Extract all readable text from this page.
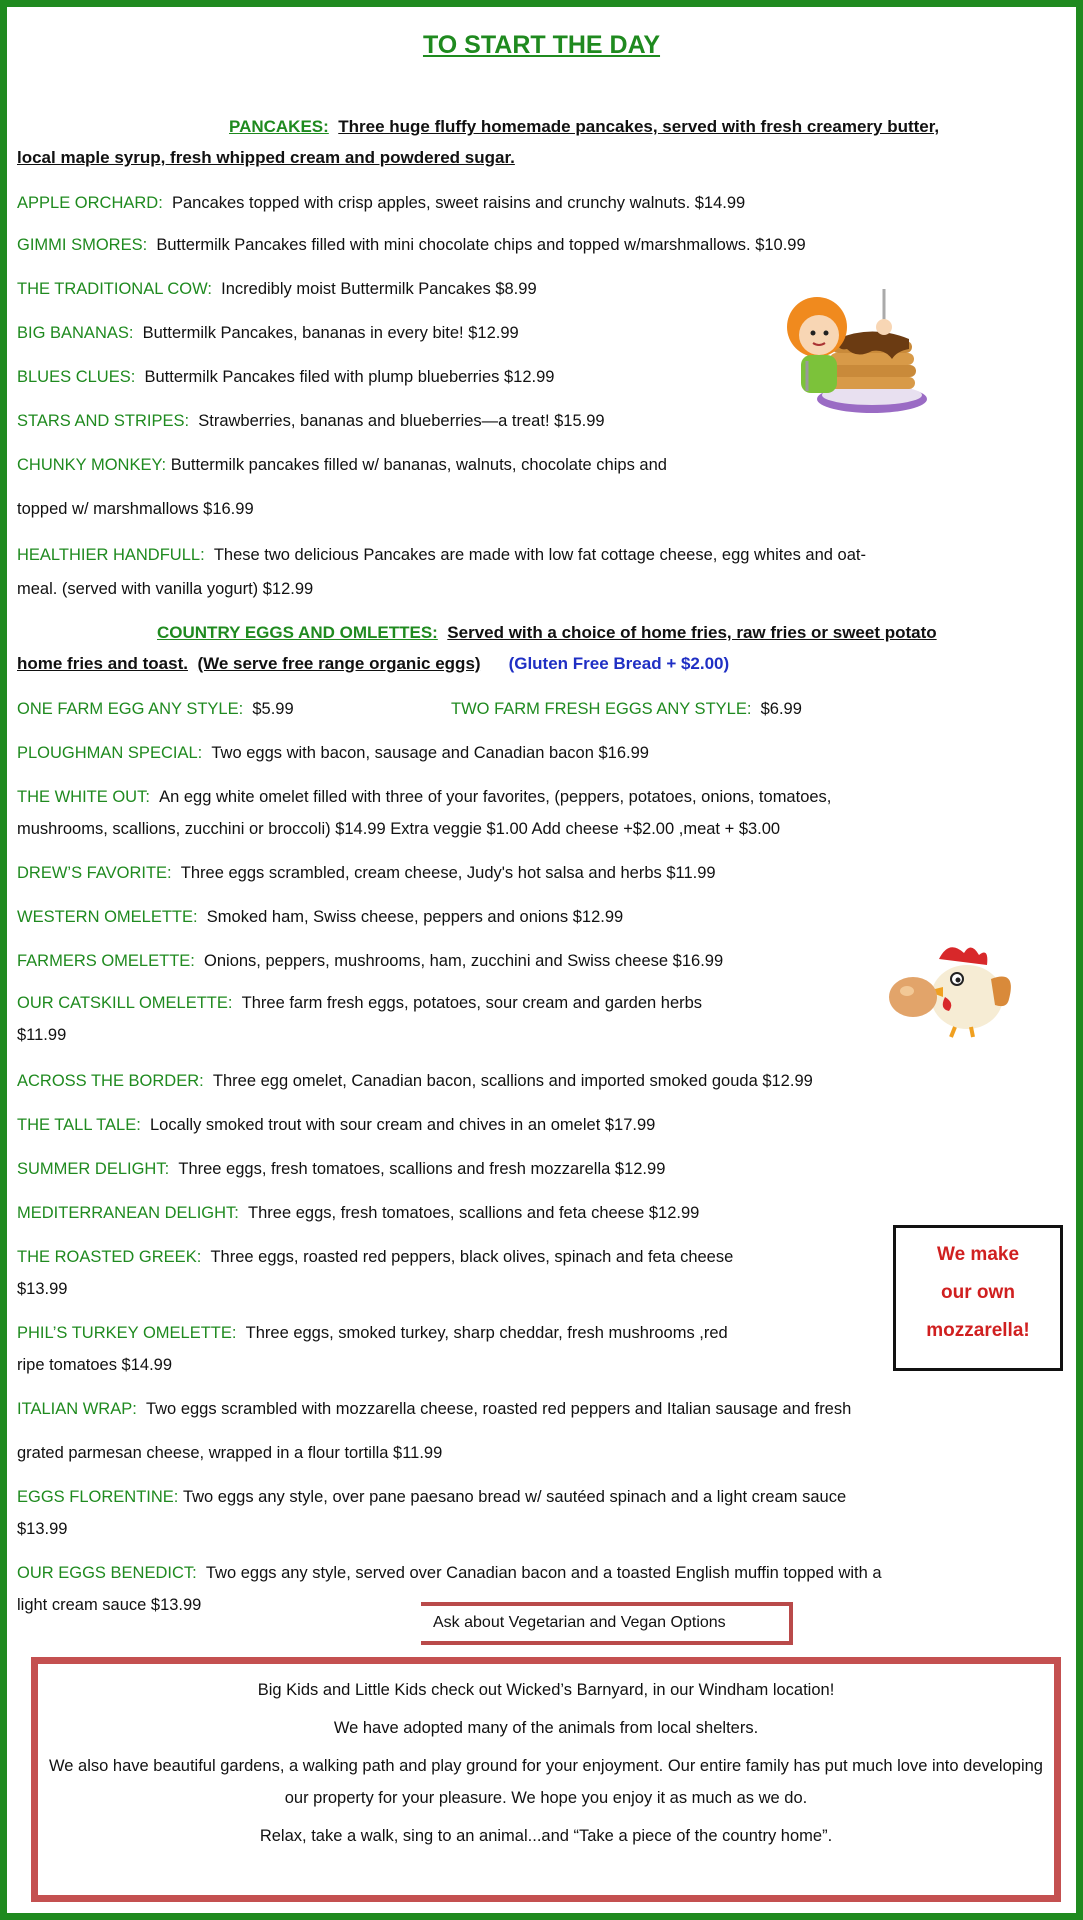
TO START THE DAY
PANCAKES: Three huge fluffy homemade pancakes, served with fresh creamery butter,
local maple syrup, fresh whipped cream and powdered sugar.
APPLE ORCHARD: Pancakes topped with crisp apples, sweet raisins and crunchy walnuts. $14.99
GIMMI SMORES: Buttermilk Pancakes filled with mini chocolate chips and topped w/marshmallows. $10.99
THE TRADITIONAL COW: Incredibly moist Buttermilk Pancakes $8.99
BIG BANANAS: Buttermilk Pancakes, bananas in every bite! $12.99
BLUES CLUES: Buttermilk Pancakes filed with plump blueberries $12.99
STARS AND STRIPES: Strawberries, bananas and blueberries—a treat! $15.99
CHUNKY MONKEY: Buttermilk pancakes filled w/ bananas, walnuts, chocolate chips and
topped w/ marshmallows $16.99
HEALTHIER HANDFULL: These two delicious Pancakes are made with low fat cottage cheese, egg whites and oat-
meal. (served with vanilla yogurt) $12.99
COUNTRY EGGS AND OMLETTES: Served with a choice of home fries, raw fries or sweet potato
home fries and toast. (We serve free range organic eggs) (Gluten Free Bread + $2.00)
ONE FARM EGG ANY STYLE: $5.99	TWO FARM FRESH EGGS ANY STYLE: $6.99
PLOUGHMAN SPECIAL: Two eggs with bacon, sausage and Canadian bacon $16.99
THE WHITE OUT: An egg white omelet filled with three of your favorites, (peppers, potatoes, onions, tomatoes,
mushrooms, scallions, zucchini or broccoli) $14.99 Extra veggie $1.00 Add cheese +$2.00 ,meat + $3.00
DREW’S FAVORITE: Three eggs scrambled, cream cheese, Judy's hot salsa and herbs $11.99
WESTERN OMELETTE: Smoked ham, Swiss cheese, peppers and onions $12.99
FARMERS OMELETTE: Onions, peppers, mushrooms, ham, zucchini and Swiss cheese $16.99
OUR CATSKILL OMELETTE: Three farm fresh eggs, potatoes, sour cream and garden herbs
$11.99
ACROSS THE BORDER: Three egg omelet, Canadian bacon, scallions and imported smoked gouda $12.99
THE TALL TALE: Locally smoked trout with sour cream and chives in an omelet $17.99
SUMMER DELIGHT: Three eggs, fresh tomatoes, scallions and fresh mozzarella $12.99
MEDITERRANEAN DELIGHT: Three eggs, fresh tomatoes, scallions and feta cheese $12.99
THE ROASTED GREEK: Three eggs, roasted red peppers, black olives, spinach and feta cheese
$13.99
PHIL’S TURKEY OMELETTE: Three eggs, smoked turkey, sharp cheddar, fresh mushrooms ,red
ripe tomatoes $14.99
ITALIAN WRAP: Two eggs scrambled with mozzarella cheese, roasted red peppers and Italian sausage and fresh
grated parmesan cheese, wrapped in a flour tortilla $11.99
EGGS FLORENTINE: Two eggs any style, over pane paesano bread w/ sautéed spinach and a light cream sauce
$13.99
OUR EGGS BENEDICT: Two eggs any style, served over Canadian bacon and a toasted English muffin topped with a
light cream sauce $13.99
We make
our own
mozzarella!
Ask about Vegetarian and Vegan Options

Big Kids and Little Kids check out Wicked’s Barnyard, in our Windham location!

We have adopted many of the animals from local shelters.

We also have beautiful gardens, a walking path and play ground for your enjoyment. Our entire family has put much love into developing our property for your pleasure. We hope you enjoy it as much as we do.

Relax, take a walk, sing to an animal...and “Take a piece of the country home”.
